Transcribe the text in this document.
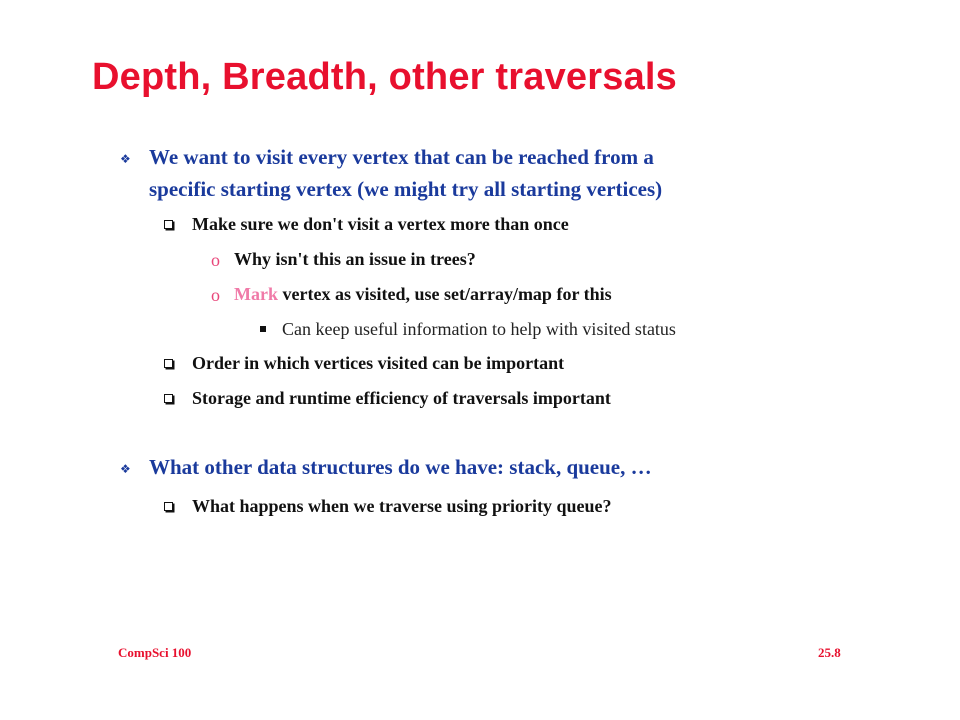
Depth, Breadth, other traversals
❖ We want to visit every vertex that can be reached from a
specific starting vertex (we might try all starting vertices)
Make sure we don't visit a vertex more than once
o Why isn't this an issue in trees?
o Mark vertex as visited, use set/array/map for this
Can keep useful information to help with visited status
Order in which vertices visited can be important
Storage and runtime efficiency of traversals important
❖ What other data structures do we have: stack, queue, …
What happens when we traverse using priority queue?
CompSci 100	25.8
